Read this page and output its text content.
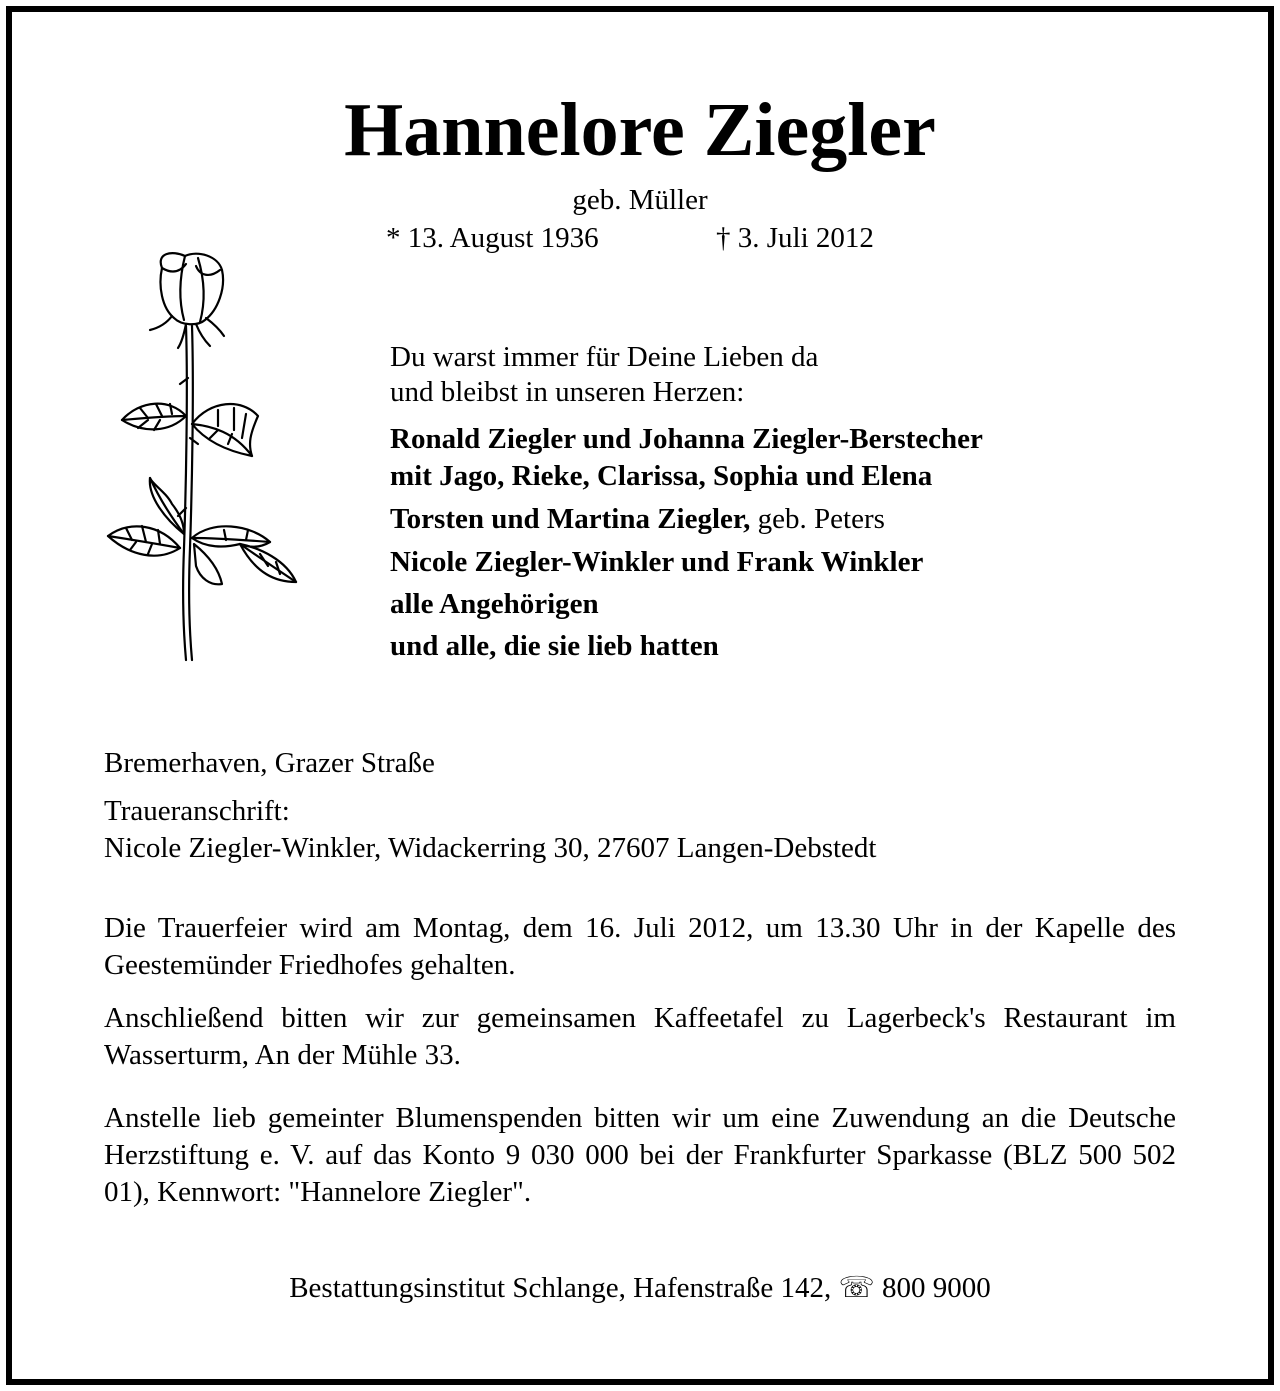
Hannelore Ziegler
geb. Müller
* 13. August 1936	† 3. Juli 2012
Du warst immer für Deine Lieben da
und bleibst in unseren Herzen:
Ronald Ziegler und Johanna Ziegler-Berstecher
mit Jago, Rieke, Clarissa, Sophia und Elena
Torsten und Martina Ziegler, geb. Peters
Nicole Ziegler-Winkler und Frank Winkler
alle Angehörigen
und alle, die sie lieb hatten
Bremerhaven, Grazer Straße
Traueranschrift:
Nicole Ziegler-Winkler, Widackerring 30, 27607 Langen-Debstedt
Die Trauerfeier wird am Montag, dem 16. Juli 2012, um 13.30 Uhr in der Kapelle des Geestemünder Friedhofes gehalten.
Anschließend bitten wir zur gemeinsamen Kaffeetafel zu Lagerbeck's Restaurant im Wasserturm, An der Mühle 33.
Anstelle lieb gemeinter Blumenspenden bitten wir um eine Zuwendung an die Deutsche Herzstiftung e. V. auf das Konto 9 030 000 bei der Frankfurter Sparkasse (BLZ 500 502 01), Kennwort: "Hannelore Ziegler".
Bestattungsinstitut Schlange, Hafenstraße 142, ☏ 800 9000
